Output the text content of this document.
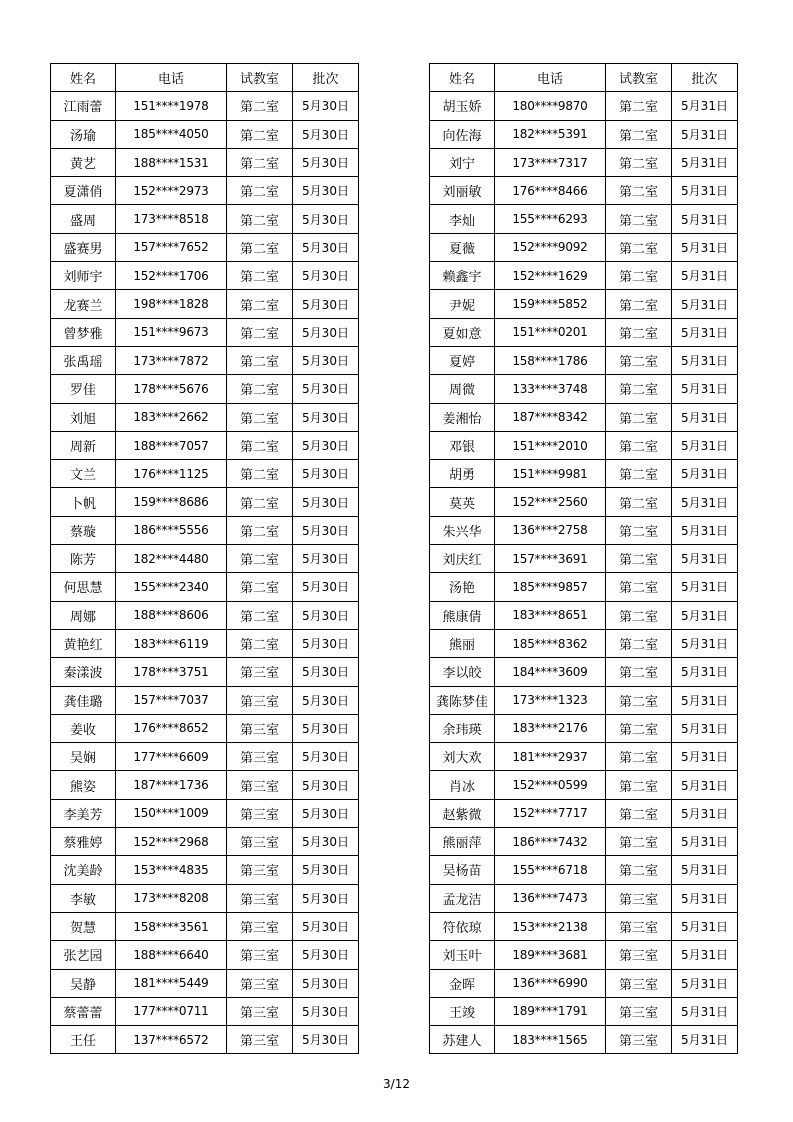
姓名	电话	试教室	批次
江雨蕾	151****1978	第二室	5月30日
汤瑜	185****4050	第二室	5月30日
黄艺	188****1531	第二室	5月30日
夏潇俏	152****2973	第二室	5月30日
盛周	173****8518	第二室	5月30日
盛赛男	157****7652	第二室	5月30日
刘师宇	152****1706	第二室	5月30日
龙赛兰	198****1828	第二室	5月30日
曾梦雅	151****9673	第二室	5月30日
张禹瑶	173****7872	第二室	5月30日
罗佳	178****5676	第二室	5月30日
刘旭	183****2662	第二室	5月30日
周新	188****7057	第二室	5月30日
文兰	176****1125	第二室	5月30日
卜帆	159****8686	第二室	5月30日
蔡璇	186****5556	第二室	5月30日
陈芳	182****4480	第二室	5月30日
何思慧	155****2340	第二室	5月30日
周娜	188****8606	第二室	5月30日
黄艳红	183****6119	第二室	5月30日
秦漾波	178****3751	第三室	5月30日
龚佳璐	157****7037	第三室	5月30日
姜收	176****8652	第三室	5月30日
吴娴	177****6609	第三室	5月30日
熊姿	187****1736	第三室	5月30日
李美芳	150****1009	第三室	5月30日
蔡雅婷	152****2968	第三室	5月30日
沈美龄	153****4835	第三室	5月30日
李敏	173****8208	第三室	5月30日
贺慧	158****3561	第三室	5月30日
张艺园	188****6640	第三室	5月30日
吴静	181****5449	第三室	5月30日
蔡蕾蕾	177****0711	第三室	5月30日
王任	137****6572	第三室	5月30日
姓名	电话	试教室	批次
胡玉娇	180****9870	第二室	5月31日
向佐海	182****5391	第二室	5月31日
刘宁	173****7317	第二室	5月31日
刘丽敏	176****8466	第二室	5月31日
李灿	155****6293	第二室	5月31日
夏薇	152****9092	第二室	5月31日
赖鑫宇	152****1629	第二室	5月31日
尹妮	159****5852	第二室	5月31日
夏如意	151****0201	第二室	5月31日
夏婷	158****1786	第二室	5月31日
周微	133****3748	第二室	5月31日
姜湘怡	187****8342	第二室	5月31日
邓银	151****2010	第二室	5月31日
胡勇	151****9981	第二室	5月31日
莫英	152****2560	第二室	5月31日
朱兴华	136****2758	第二室	5月31日
刘庆红	157****3691	第二室	5月31日
汤艳	185****9857	第二室	5月31日
熊康倩	183****8651	第二室	5月31日
熊丽	185****8362	第二室	5月31日
李以皎	184****3609	第二室	5月31日
龚陈梦佳	173****1323	第二室	5月31日
余玮瑛	183****2176	第二室	5月31日
刘大欢	181****2937	第二室	5月31日
肖冰	152****0599	第二室	5月31日
赵紫微	152****7717	第二室	5月31日
熊丽萍	186****7432	第二室	5月31日
吴杨苗	155****6718	第二室	5月31日
孟龙洁	136****7473	第三室	5月31日
符依琼	153****2138	第三室	5月31日
刘玉叶	189****3681	第三室	5月31日
金晖	136****6990	第三室	5月31日
王竣	189****1791	第三室	5月31日
苏建人	183****1565	第三室	5月31日
3/12
